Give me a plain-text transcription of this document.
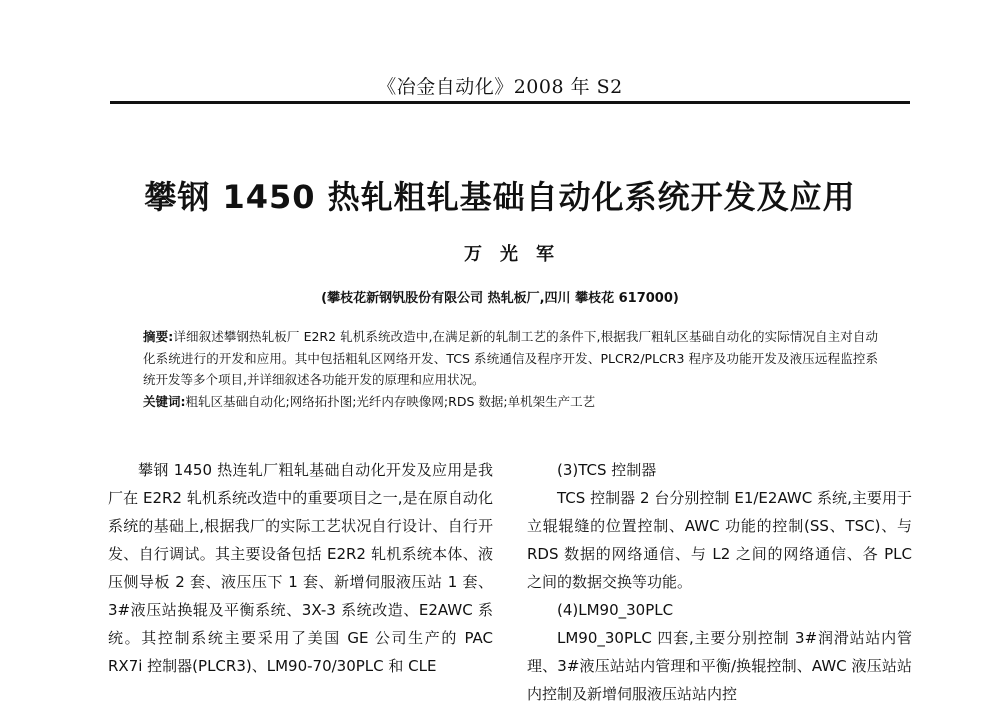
《冶金自动化》2008 年 S2
攀钢 1450 热轧粗轧基础自动化系统开发及应用
万光军
(攀枝花新钢钒股份有限公司 热轧板厂,四川 攀枝花 617000)

摘要:详细叙述攀钢热轧板厂 E2R2 轧机系统改造中,在满足新的轧制工艺的条件下,根据我厂粗轧区基础自动化的实际情况自主对自动化系统进行的开发和应用。其中包括粗轧区网络开发、TCS 系统通信及程序开发、PLCR2/PLCR3 程序及功能开发及液压远程监控系统开发等多个项目,并详细叙述各功能开发的原理和应用状况。

关键词:粗轧区基础自动化;网络拓扑图;光纤内存映像网;RDS 数据;单机架生产工艺

攀钢 1450 热连轧厂粗轧基础自动化开发及应用是我厂在 E2R2 轧机系统改造中的重要项目之一,是在原自动化系统的基础上,根据我厂的实际工艺状况自行设计、自行开发、自行调试。其主要设备包括 E2R2 轧机系统本体、液压侧导板 2 套、液压压下 1 套、新增伺服液压站 1 套、3#液压站换辊及平衡系统、3X-3 系统改造、E2AWC 系统。其控制系统主要采用了美国 GE 公司生产的 PAC RX7i 控制器(PLCR3)、LM90-70/30PLC 和 CLE

(3)TCS 控制器

TCS 控制器 2 台分别控制 E1/E2AWC 系统,主要用于立辊辊缝的位置控制、AWC 功能的控制(SS、TSC)、与 RDS 数据的网络通信、与 L2 之间的网络通信、各 PLC 之间的数据交换等功能。

(4)LM90_30PLC

LM90_30PLC 四套,主要分别控制 3#润滑站站内管理、3#液压站站内管理和平衡/换辊控制、AWC 液压站站内控制及新增伺服液压站站内控
